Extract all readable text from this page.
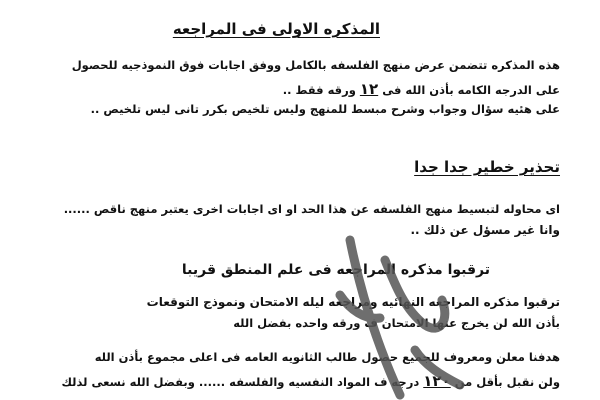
المذكره الاولى فى المراجعه
هذه المذكره تتضمن عرض منهج الفلسفه بالكامل ووفق اجابات فوق النموذجيه للحصول
على الدرجه الكامه بأذن الله فى ١٢ ورقه فقط ..
على هئيه سؤال وجواب وشرح مبسط للمنهج وليس تلخيص بكرر تانى ليس تلخيص ..
تحذير خطير جدا جدا
اى محاوله لتبسيط منهج الفلسفه عن هذا الحد او اى اجابات اخرى يعتبر منهج ناقص ......
وانا غير مسؤل عن ذلك ..
ترقبوا مذكره المراجعه فى علم المنطق قريبا
ترقبوا مذكره المراجعه النهائيه ومراجعه ليله الامتحان ونموذج التوقعات
بأذن الله لن يخرج عنها الامتحان ف ورقه واحده بفضل الله
هدفنا معلن ومعروف للجميع حصول طالب الثانويه العامه فى اعلى مجموع بأذن الله
ولن نقبل بأقل من ١٢٠ درجه ف المواد النفسيه والفلسفه ...... وبفضل الله نسعى لذلك
